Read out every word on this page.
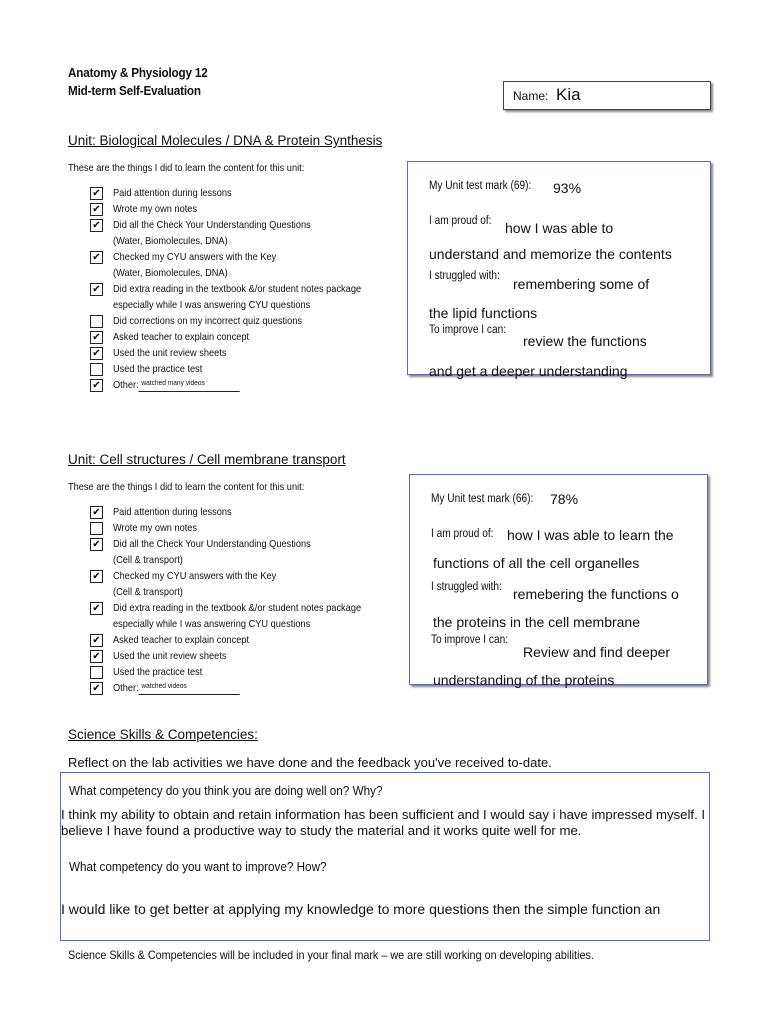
Anatomy & Physiology 12
Mid-term Self-Evaluation	Name: Kia
Unit: Biological Molecules / DNA & Protein Synthesis
These are the things I did to learn the content for this unit:
✔ Paid attention during lessons
✔ Wrote my own notes
✔ Did all the Check Your Understanding Questions
(Water, Biomolecules, DNA)
✔ Checked my CYU answers with the Key
(Water, Biomolecules, DNA)
✔ Did extra reading in the textbook &/or student notes package
especially while I was answering CYU questions
Did corrections on my incorrect quiz questions
✔ Asked teacher to explain concept
✔ Used the unit review sheets
Used the practice test
✔ Other: watched many videos
My Unit test mark (69): 93%
I am proud of: how I was able to
understand and memorize the contents
I struggled with: remembering some of
the lipid functions
To improve I can:
review the functions
and get a deeper understanding
Unit: Cell structures / Cell membrane transport
These are the things I did to learn the content for this unit:
✔ Paid attention during lessons
Wrote my own notes
✔ Did all the Check Your Understanding Questions
(Cell & transport)
✔ Checked my CYU answers with the Key
(Cell & transport)
✔ Did extra reading in the textbook &/or student notes package
especially while I was answering CYU questions
✔ Asked teacher to explain concept
✔ Used the unit review sheets
Used the practice test
✔ Other: watched videos
My Unit test mark (66): 78%
I am proud of: how I was able to learn the
functions of all the cell organelles
I struggled with: remebering the functions o
the proteins in the cell membrane
To improve I can:
Review and find deeper
understanding of the proteins
Science Skills & Competencies:
Reflect on the lab activities we have done and the feedback you've received to-date.
What competency do you think you are doing well on? Why?
I think my ability to obtain and retain information has been sufficient and I would say i have impressed myself. I believe I have found a productive way to study the material and it works quite well for me.
What competency do you want to improve? How?
I would like to get better at applying my knowledge to more questions then the simple function an
Science Skills & Competencies will be included in your final mark – we are still working on developing abilities.
